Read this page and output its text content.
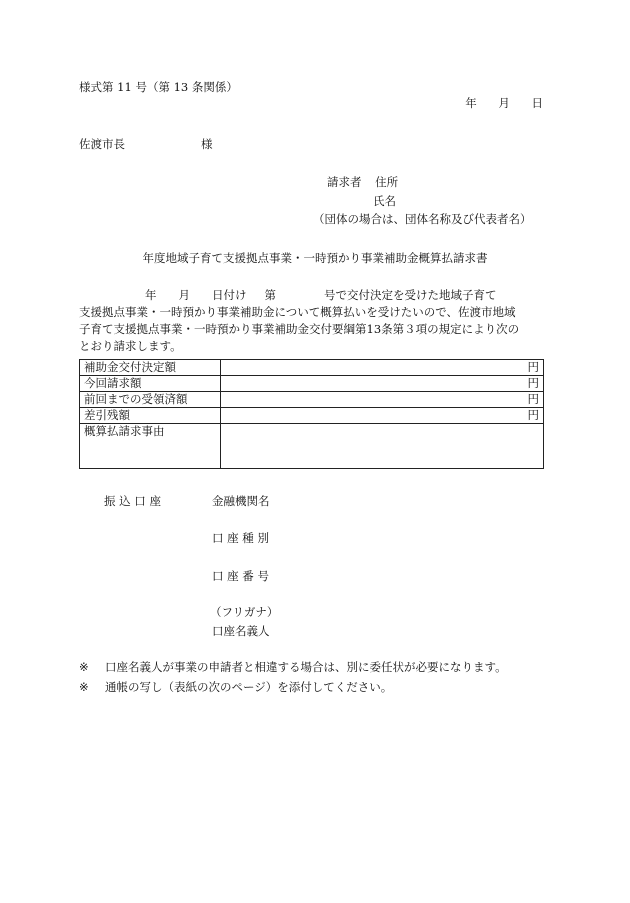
様式第 11 号（第 13 条関係）
年 月 日
佐渡市長	様
請求者 住所
氏名
（団体の場合は、団体名称及び代表者名）
年度地域子育て支援拠点事業・一時預かり事業補助金概算払請求書
年 月 日付け 第	号で交付決定を受けた地域子育て
支援拠点事業・一時預かり事業補助金について概算払いを受けたいので、佐渡市地域
子育て支援拠点事業・一時預かり事業補助金交付要綱第13条第３項の規定により次の
とおり請求します。
補助金交付決定額	円
今回請求額	円
前回までの受領済額	円
差引残額	円
概算払請求事由	
振 込 口 座	金融機関名
口 座 種 別
口 座 番 号
（フリガナ）
口座名義人
※ 口座名義人が事業の申請者と相違する場合は、別に委任状が必要になります。
※ 通帳の写し（表紙の次のページ）を添付してください。
